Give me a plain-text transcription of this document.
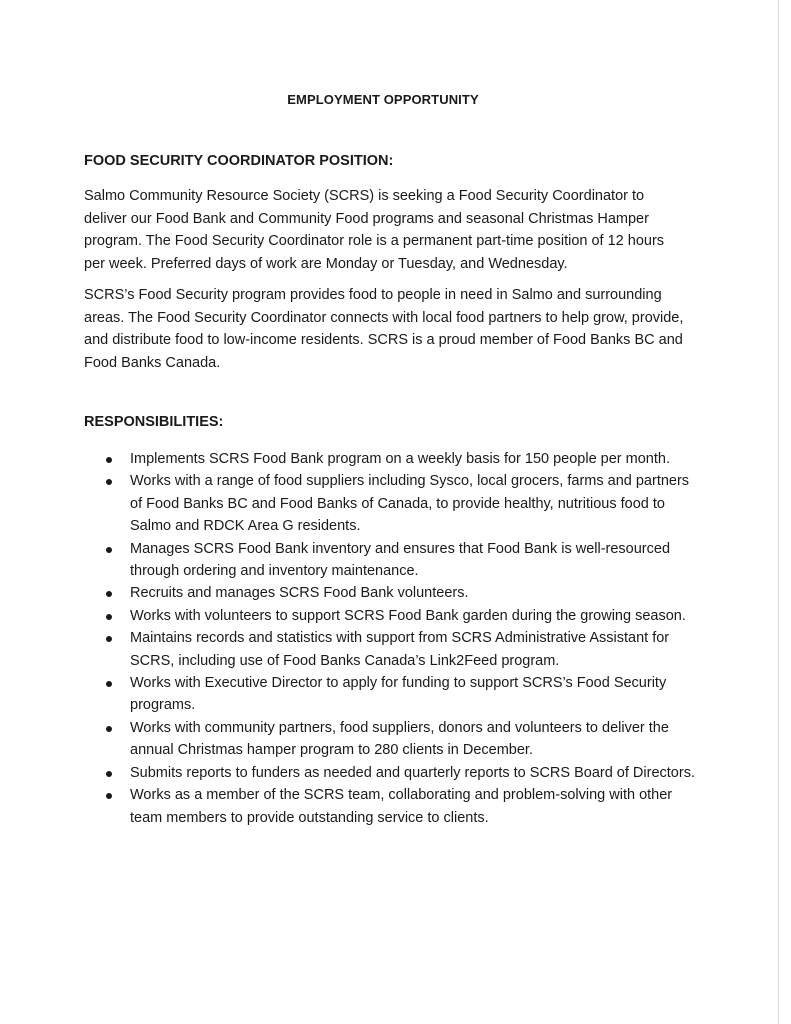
EMPLOYMENT OPPORTUNITY
FOOD SECURITY COORDINATOR POSITION:

Salmo Community Resource Society (SCRS) is seeking a Food Security Coordinator to deliver our Food Bank and Community Food programs and seasonal Christmas Hamper program. The Food Security Coordinator role is a permanent part-time position of 12 hours per week. Preferred days of work are Monday or Tuesday, and Wednesday.

SCRS’s Food Security program provides food to people in need in Salmo and surrounding areas. The Food Security Coordinator connects with local food partners to help grow, provide, and distribute food to low-income residents. SCRS is a proud member of Food Banks BC and Food Banks Canada.

RESPONSIBILITIES:
Implements SCRS Food Bank program on a weekly basis for 150 people per month.
Works with a range of food suppliers including Sysco, local grocers, farms and partners of Food Banks BC and Food Banks of Canada, to provide healthy, nutritious food to Salmo and RDCK Area G residents.
Manages SCRS Food Bank inventory and ensures that Food Bank is well-resourced through ordering and inventory maintenance.
Recruits and manages SCRS Food Bank volunteers.
Works with volunteers to support SCRS Food Bank garden during the growing season.
Maintains records and statistics with support from SCRS Administrative Assistant for SCRS, including use of Food Banks Canada’s Link2Feed program.
Works with Executive Director to apply for funding to support SCRS’s Food Security programs.
Works with community partners, food suppliers, donors and volunteers to deliver the annual Christmas hamper program to 280 clients in December.
Submits reports to funders as needed and quarterly reports to SCRS Board of Directors.
Works as a member of the SCRS team, collaborating and problem-solving with other team members to provide outstanding service to clients.
